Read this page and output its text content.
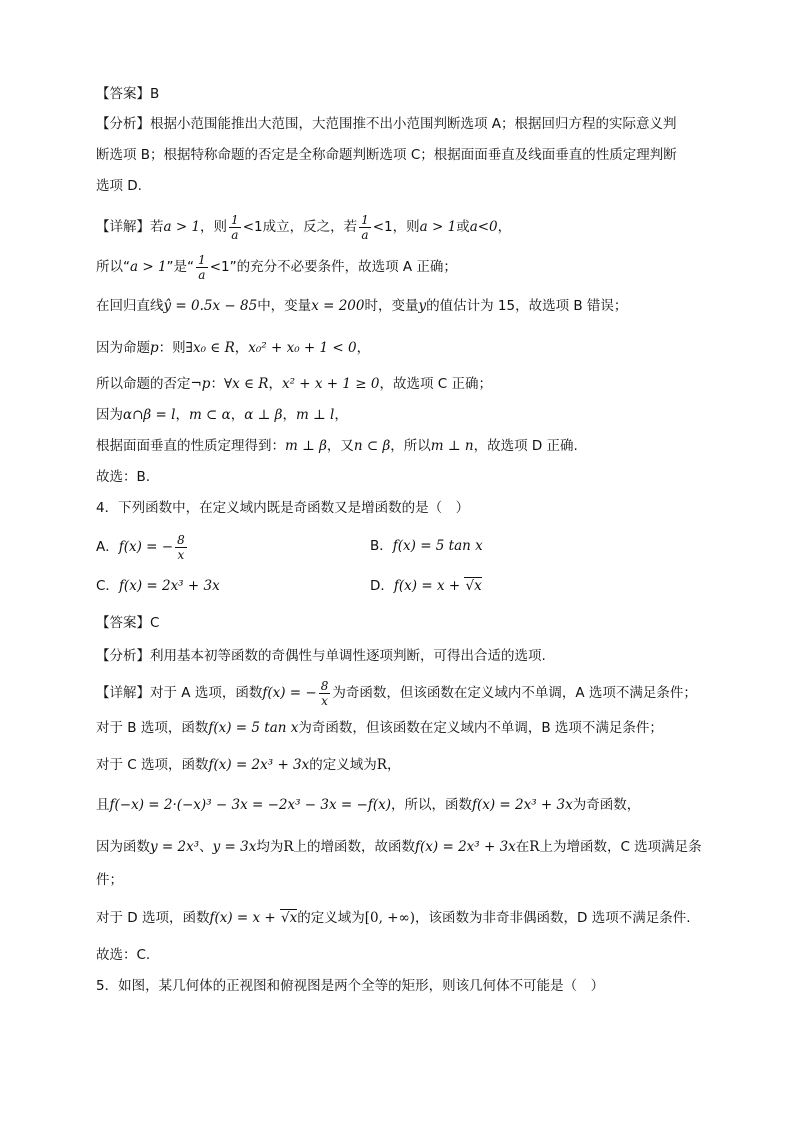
【答案】B
【分析】根据小范围能推出大范围，大范围推不出小范围判断选项 A；根据回归方程的实际意义判
断选项 B；根据特称命题的否定是全称命题判断选项 C；根据面面垂直及线面垂直的性质定理判断
选项 D.
【详解】若a > 1，则 $\frac{1}{a} <1$成立，反之，若 $\frac{1}{a} <1$，则a > 1或a<0，
所以“a > 1”是“ $\frac{1}{a} <1$”的充分不必要条件，故选项 A 正确；
在回归直线ŷ = 0.5x − 85中，变量x = 200时，变量y的值估计为 15，故选项 B 错误；
因为命题p：则∃x₀ ∈ R，x₀² + x₀ + 1 < 0，
所以命题的否定¬p：∀x ∈ R，x² + x + 1 ≥ 0，故选项 C 正确；
因为α∩β = l，m ⊂ α，α ⊥ β，m ⊥ l，
根据面面垂直的性质定理得到：m ⊥ β，又n ⊂ β，所以m ⊥ n，故选项 D 正确.
故选：B.
4．下列函数中，在定义域内既是奇函数又是增函数的是（　）
A．f(x) = − $\frac{8}{x}$	B．f(x) = 5 tan x
C．f(x) = 2x³ + 3x	D．f(x) = x + √x
【答案】C
【分析】利用基本初等函数的奇偶性与单调性逐项判断，可得出合适的选项.
【详解】对于 A 选项，函数f(x) = − $\frac{8}{x}$ 为奇函数，但该函数在定义域内不单调，A 选项不满足条件；
对于 B 选项，函数f(x) = 5 tan x为奇函数，但该函数在定义域内不单调，B 选项不满足条件；
对于 C 选项，函数f(x) = 2x³ + 3x的定义域为R，
且f(−x) = 2·(−x)³ − 3x = −2x³ − 3x = −f(x)，所以，函数f(x) = 2x³ + 3x为奇函数，
因为函数y = 2x³、y = 3x均为R上的增函数，故函数f(x) = 2x³ + 3x在R上为增函数，C 选项满足条
件；
对于 D 选项，函数f(x) = x + √x的定义域为[0, +∞)，该函数为非奇非偶函数，D 选项不满足条件.
故选：C.
5．如图，某几何体的正视图和俯视图是两个全等的矩形，则该几何体不可能是（　）
